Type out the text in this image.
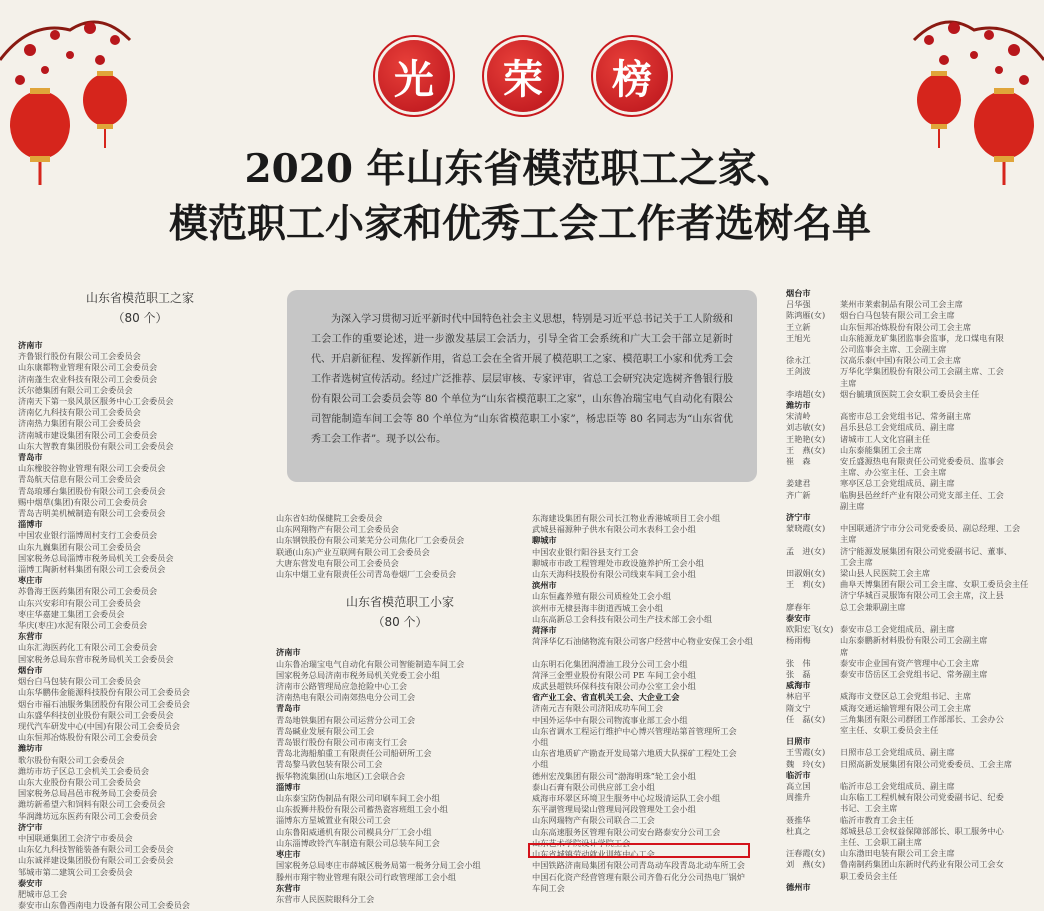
光	荣	榜
2020 年山东省模范职工之家、
模范职工小家和优秀工会工作者选树名单
山东省模范职工之家
（80 个）	为深入学习贯彻习近平新时代中国特色社会主义思想，特别是习近平总书记关于工人阶级和工会工作的重要论述，进一步激发基层工会活力，引导全省工会系统和广大工会干部立足新时代、开启新征程、发挥新作用，省总工会在全省开展了模范职工之家、模范职工小家和优秀工会工作者选树宣传活动。经过广泛推荐、层层审核、专家评审，省总工会研究决定选树齐鲁银行股份有限公司工会委员会等 80 个单位为“山东省模范职工之家”，山东鲁冶瑞宝电气自动化有限公司智能制造车间工会等 80 个单位为“山东省模范职工小家”，杨忠臣等 80 名同志为“山东省优秀工会工作者”。现予以公布。
山东省模范职工小家
（80 个）
济南市
齐鲁银行股份有限公司工会委员会
山东康都物业管理有限公司工会委员会
济南蓬生农业科技有限公司工会委员会
沃尔德集团有限公司工会委员会
济南天下第一泉风景区服务中心工会委员会
济南亿九科技有限公司工会委员会
济南热力集团有限公司工会委员会
济南城市建设集团有限公司工会委员会
山东大智教育集团股份有限公司工会委员会
青岛市
山东橡胶谷物业管理有限公司工会委员会
青岛航天信息有限公司工会委员会
青岛琅琊台集团股份有限公司工会委员会
赐中烟草(集团)有限公司工会委员会
青岛吉明美机械制造有限公司工会委员会
淄博市
中国农业银行淄博周村支行工会委员会
山东九巍集团有限公司工会委员会
国家税务总局淄博市税务局机关工会委员会
淄博工陶新材料集团有限公司工会委员会
枣庄市
苏鲁海王医药集团有限公司工会委员会
山东兴安彩印有限公司工会委员会
枣庄华嘉建工集团工会委员会
华庆(枣庄)水泥有限公司工会委员会
东营市
山东汇海医药化工有限公司工会委员会
国家税务总局东营市税务局机关工会委员会
烟台市
烟台白马包装有限公司工会委员会
山东华鹏伟金能源科技股份有限公司工会委员会
烟台市福石油服务集团股份有限公司工会委员会
山东盛华科技创业股份有限公司工会委员会
现代汽车研发中心(中国)有限公司工会委员会
山东恒邦冶炼股份有限公司工会委员会
潍坊市
歌尔股份有限公司工会委员会
潍坊市坊子区总工会机关工会委员会
山东大业股份有限公司工会委员会
国家税务总局昌邑市税务局工会委员会
潍坊新希望六和饲料有限公司工会委员会
华润潍坊远东医药有限公司工会委员会
济宁市
中国联通集团工会济宁市委员会
山东亿九科技智能装备有限公司工会委员会
山东诚祥建设集团股份有限公司工会委员会
邹城市第二建筑公司工会委员会
泰安市
肥城市总工会
泰安市山东鲁西南电力设备有限公司工会委员会
山东省妇幼保健院工会委员会
山东网翔物产有限公司工会委员会
山东钢铁股份有限公司莱芜分公司焦化厂工会委员会
联通(山东)产业互联网有限公司工会委员会
大唐东营发电有限公司工会委员会
山东中烟工业有限责任公司青岛卷烟厂工会委员会

济南市
山东鲁冶瑞宝电气自动化有限公司智能制造车间工会
国家税务总局济南市税务局机关党委工会小组
济南市公路管理局应急抢险中心工会
济南热电有限公司南郊热电分公司工会
青岛市
青岛地铁集团有限公司运营分公司工会
青岛碱业发展有限公司工会
青岛银行股份有限公司市南支行工会
青岛北海船舶重工有限责任公司船研所工会
青岛黎马敦包装有限公司工会
振华物流集团(山东地区)工会联合会
淄博市
山东泰宝防伪制品有限公司印刷车间工会小组
山东扳狮井股份有限公司蓄热瓷容班组工会小组
淄博东方星城置业有限公司工会
山东鲁阳威通机有限公司模具分厂工会小组
山东淄博政铃汽车制造有限公司总装车间工会
枣庄市
国家税务总局枣庄市薛城区税务局第一税务分局工会小组
滕州市翔宇物业管理有限公司行政管理部工会小组
东营市
东营市人民医院眼科分工会
东海建设集团有限公司长江物业香港城项目工会小组
武城县福源种子供水有限公司水表科工会小组
聊城市
中国农业银行阳谷县支行工会
聊城市市政工程管理处市政设施养护所工会小组
山东天海科技股份有限公司线束车间工会小组
滨州市
山东恒鑫养殖有限公司质检处工会小组
滨州市无棣县海丰街道西城工会小组
山东高新总工会科技有限公司生产技术部工会小组
菏泽市
菏泽华亿石油储物流有限公司客户经营中心物业安保工会小组

山东明石化集团润滑油工段分公司工会小组
菏泽三金塑业股份有限公司 PE 车间工会小组
成武县超铁环保科技有限公司办公室工会小组
省产业工会、省直机关工会、大企业工会
济南元吉有限公司济阳成功车间工会
中国外运华中有限公司物流事业部工会小组
山东省调水工程运行维护中心博兴管理站第首管理所工会
小组
山东省地质矿产勘查开发局第六地质大队探矿工程处工会
小组
德州宏茂集团有限公司“渤海明珠”轮工会小组
泰山石膏有限公司供应部工会小组
威海市环翠区环境卫生服务中心垃圾清运队工会小组
东平湖管理局梁山管理局河段管理处工会小组
山东网瑞物产有限公司联合二工会
山东高速服务区管理有限公司安台路泰安分公司工会
山东艺术学院设计学院工会
山东省城镇劳动就业训练中心工会
中国铁路济南局集团有限公司青岛动车段青岛北动车所工会
中国石化资产经营管理有限公司齐鲁石化分公司热电厂锅炉
车间工会
烟台市
吕华强	莱州市莱索制品有限公司工会主席
陈鸿雁(女)	烟台白马包装有限公司工会主席
王立新	山东恒邦冶炼股份有限公司工会主席
王旭光	山东能源龙矿集团监事会监事，龙口煤电有限
公司监事会主席、工会副主席
徐永江	汉高乐泰(中国)有限公司工会主席
王剑波	万华化学集团股份有限公司工会副主席、工会
主席
李靖超(女)	烟台毓璜顶医院工会女职工委员会主任
潍坊市
宋清岭	高密市总工会党组书记、常务副主席
刘志敏(女)	昌乐县总工会党组成员、副主席
王艳艳(女)	诸城市工人文化宫副主任
王　燕(女)	山东泰能集团工会主席
崔　森	安丘盛源热电有限责任公司党委委员、监事会
主席、办公室主任、工会主席
姜建君	寒亭区总工会党组成员、副主席
齐广新	临朐县邑丝纤产业有限公司党支部主任、工会
副主席
济宁市
蒙晓霞(女)	中国联通济宁市分公司党委委员、副总经理、工会
主席
孟　进(女)	济宁能源发展集团有限公司党委副书记、董事、
工会主席
田淑娟(女)	梁山县人民医院工会主席
王　莉(女)	曲阜天博集团有限公司工会主席、女职工委员会主任
济宁华城百灵服饰有限公司工会主席，汶上县
廖春年	总工会兼职副主席
泰安市
欧阳宏飞(女) 泰安市总工会党组成员、副主席
杨雨梅	山东泰鹏新材料股份有限公司工会副主席
席
张　伟	泰安市企业国有资产管理中心工会主席
张　磊	泰安市岱岳区工会党组书记、常务副主席
威海市
林启平	威海市文登区总工会党组书记、主席
隋文宁	威海交通运输管理有限公司工会主席
任　磊(女)	三角集团有限公司群团工作部部长、工会办公
室主任、女职工委员会主任
日照市
王雪霞(女)	日照市总工会党组成员、副主席
魏　玲(女)	日照高新发展集团有限公司党委委员、工会主席
临沂市
高立国	临沂市总工会党组成员、副主席
周推升	山东临工工程机械有限公司党委副书记、纪委
书记、工会主席
聂推华	临沂市教育工会主任
杜真之	郯城县总工会权益保障部部长、职工服务中心
主任、工会职工副主席
汪春霞(女)	山东渤田电装有限公司工会主席
刘　燕(女)	鲁南制药集团山东新时代药业有限公司工会女
职工委员会主任
德州市
